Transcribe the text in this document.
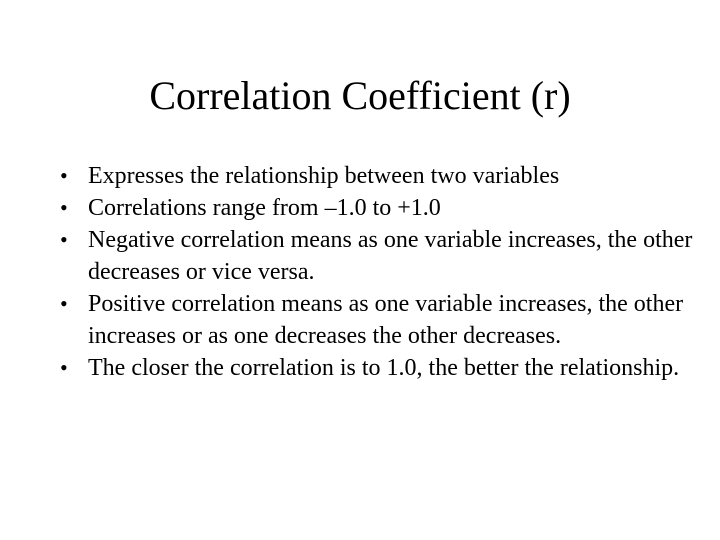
Correlation Coefficient (r)
• Expresses the relationship between two variables
• Correlations range from –1.0 to +1.0
• Negative correlation means as one variable increases, the other decreases or vice versa.
• Positive correlation means as one variable increases, the other increases or as one decreases the other decreases.
• The closer the correlation is to 1.0, the better the relationship.
